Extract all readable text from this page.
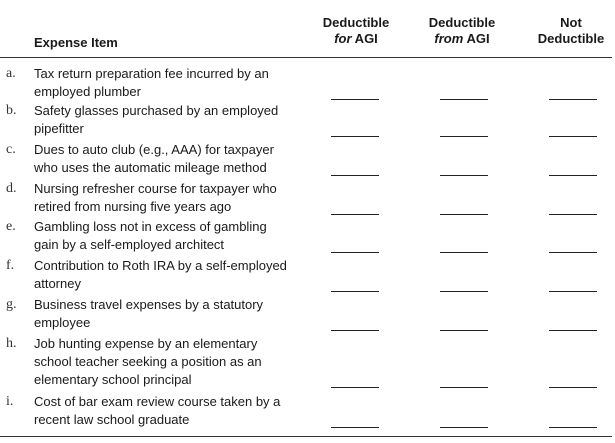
Expense Item
Deductible
for AGI
Deductible
from AGI
Not
Deductible
a. Tax return preparation fee incurred by an
employed plumber
b. Safety glasses purchased by an employed
pipefitter
c. Dues to auto club (e.g., AAA) for taxpayer
who uses the automatic mileage method
d. Nursing refresher course for taxpayer who
retired from nursing five years ago
e. Gambling loss not in excess of gambling
gain by a self-employed architect
f. Contribution to Roth IRA by a self-employed
attorney
g. Business travel expenses by a statutory
employee
h. Job hunting expense by an elementary
school teacher seeking a position as an
elementary school principal
i. Cost of bar exam review course taken by a
recent law school graduate
